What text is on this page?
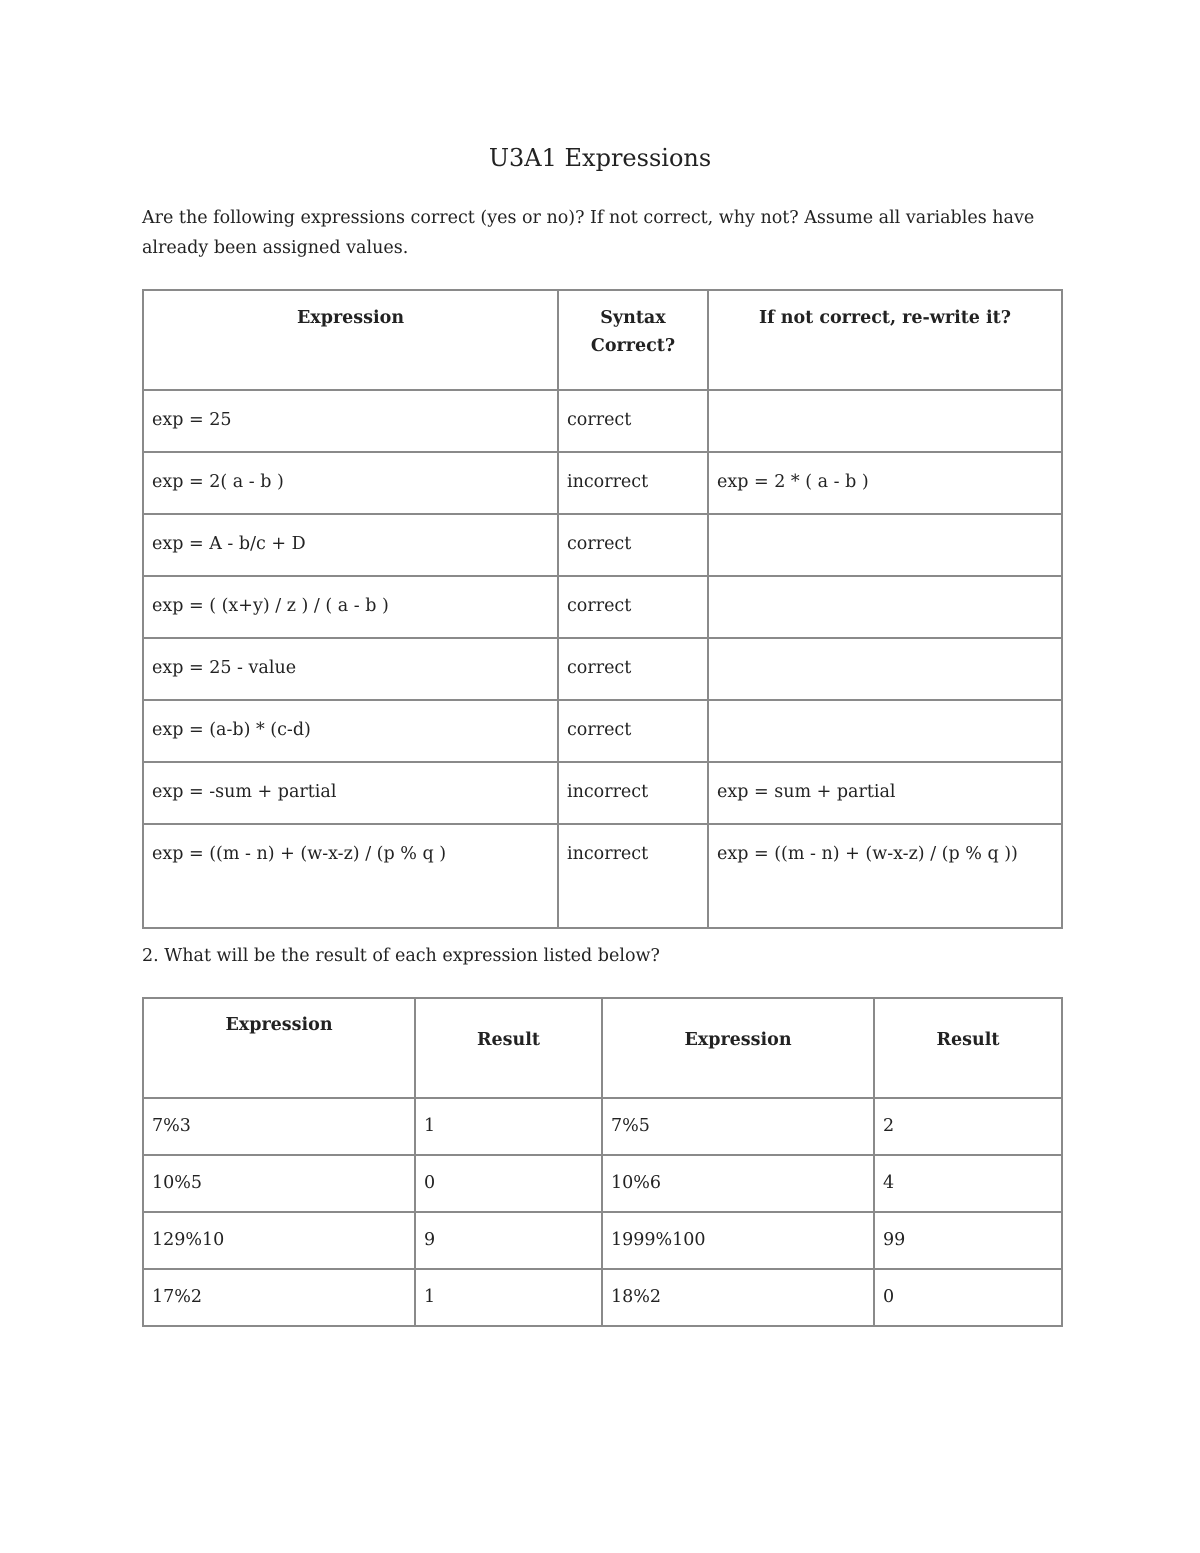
U3A1 Expressions

Are the following expressions correct (yes or no)? If not correct, why not? Assume all variables have already been assigned values.

Expression	Syntax Correct?	If not correct, re-write it?
exp = 25	correct	
exp = 2( a - b )	incorrect	exp = 2 * ( a - b )
exp = A - b/c + D	correct	
exp = ( (x+y) / z ) / ( a - b )	correct	
exp = 25 - value	correct	
exp = (a-b) * (c-d)	correct	
exp = -sum + partial	incorrect	exp = sum + partial
exp = ((m - n) + (w-x-z) / (p % q )	incorrect	exp = ((m - n) + (w-x-z) / (p % q ))

2. What will be the result of each expression listed below?

Expression	Result	Expression	Result
7%3	1	7%5	2
10%5	0	10%6	4
129%10	9	1999%100	99
17%2	1	18%2	0
